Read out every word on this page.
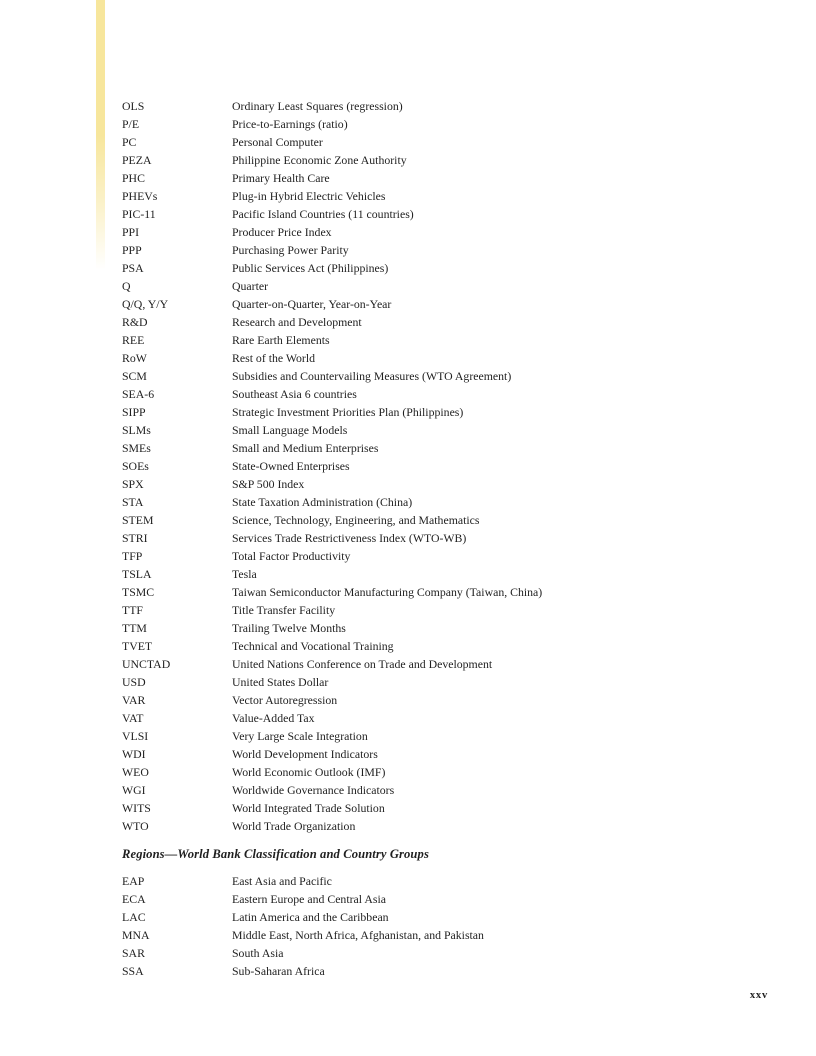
OLS	Ordinary Least Squares (regression)
P/E	Price-to-Earnings (ratio)
PC	Personal Computer
PEZA	Philippine Economic Zone Authority
PHC	Primary Health Care
PHEVs	Plug-in Hybrid Electric Vehicles
PIC-11	Pacific Island Countries (11 countries)
PPI	Producer Price Index
PPP	Purchasing Power Parity
PSA	Public Services Act (Philippines)
Q	Quarter
Q/Q, Y/Y	Quarter-on-Quarter, Year-on-Year
R&D	Research and Development
REE	Rare Earth Elements
RoW	Rest of the World
SCM	Subsidies and Countervailing Measures (WTO Agreement)
SEA-6	Southeast Asia 6 countries
SIPP	Strategic Investment Priorities Plan (Philippines)
SLMs	Small Language Models
SMEs	Small and Medium Enterprises
SOEs	State-Owned Enterprises
SPX	S&P 500 Index
STA	State Taxation Administration (China)
STEM	Science, Technology, Engineering, and Mathematics
STRI	Services Trade Restrictiveness Index (WTO-WB)
TFP	Total Factor Productivity
TSLA	Tesla
TSMC	Taiwan Semiconductor Manufacturing Company (Taiwan, China)
TTF	Title Transfer Facility
TTM	Trailing Twelve Months
TVET	Technical and Vocational Training
UNCTAD	United Nations Conference on Trade and Development
USD	United States Dollar
VAR	Vector Autoregression
VAT	Value-Added Tax
VLSI	Very Large Scale Integration
WDI	World Development Indicators
WEO	World Economic Outlook (IMF)
WGI	Worldwide Governance Indicators
WITS	World Integrated Trade Solution
WTO	World Trade Organization
Regions—World Bank Classification and Country Groups
EAP	East Asia and Pacific
ECA	Eastern Europe and Central Asia
LAC	Latin America and the Caribbean
MNA	Middle East, North Africa, Afghanistan, and Pakistan
SAR	South Asia
SSA	Sub-Saharan Africa
xxv
